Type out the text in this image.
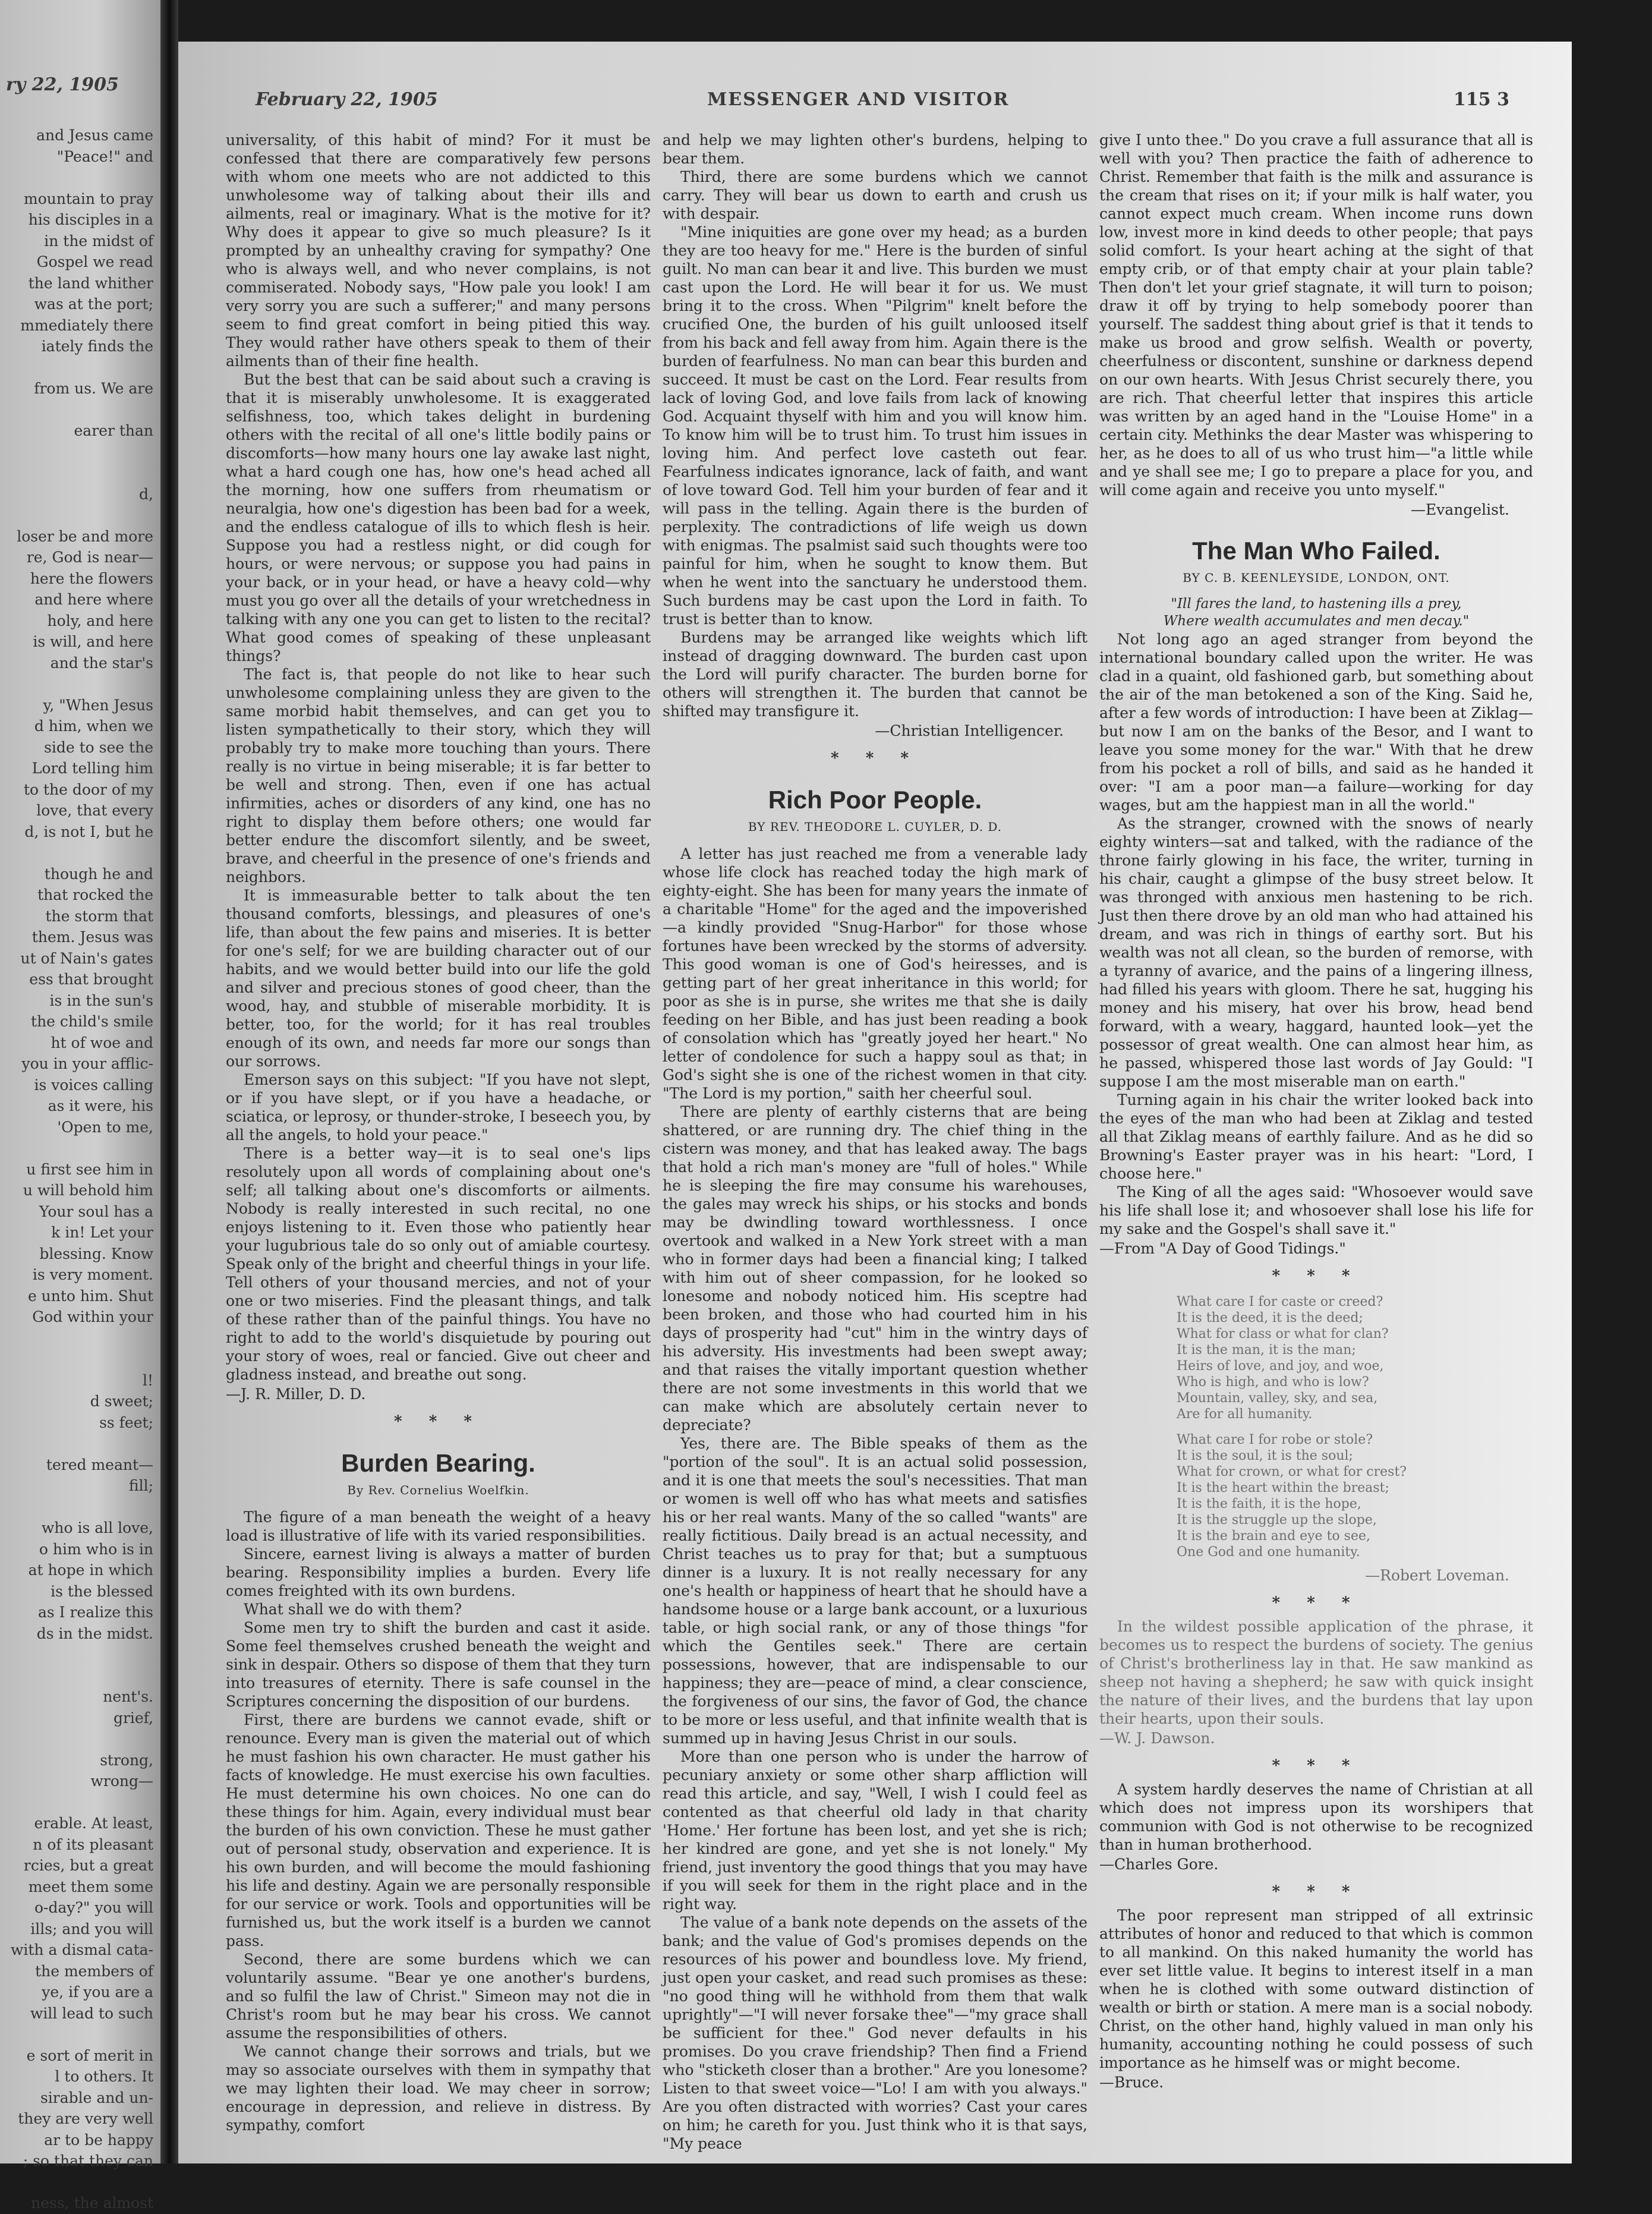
ry 22, 1905
and Jesus came
"Peace!" and

mountain to pray
his disciples in a
in the midst of
Gospel we read
the land whither
was at the port;
mmediately there
iately finds the

from us. We are

earer than

d,

loser be and more
re, God is near—
here the flowers
and here where
holy, and here
is will, and here
and the star's

y, "When Jesus
d him, when we
side to see the
Lord telling him
to the door of my
love, that every
d, is not I, but he

though he and
that rocked the
the storm that
them. Jesus was
ut of Nain's gates
ess that brought
is in the sun's
the child's smile
ht of woe and
you in your afflic-
is voices calling
as it were, his
'Open to me,

u first see him in
u will behold him
Your soul has a
k in! Let your
blessing. Know
is very moment.
e unto him. Shut
God within your

l!
d sweet;
ss feet;

tered meant—
fill;

who is all love,
o him who is in
at hope in which
is the blessed
as I realize this
ds in the midst.

nent's.
grief,

strong,
wrong—

erable. At least,
n of its pleasant
rcies, but a great
meet them some
o-day?" you will
ills; and you will
with a dismal cata-
the members of
ye, if you are a
will lead to such

e sort of merit in
l to others. It
sirable and un-
they are very well
ar to be happy
; so that they can

ness, the almost
February 22, 1905	MESSENGER AND VISITOR	115 3

universality, of this habit of mind? For it must be confessed that there are comparatively few persons with whom one meets who are not addicted to this unwholesome way of talking about their ills and ailments, real or imaginary. What is the motive for it? Why does it appear to give so much pleasure? Is it prompted by an unhealthy craving for sympathy? One who is always well, and who never complains, is not commiserated. Nobody says, "How pale you look! I am very sorry you are such a sufferer;" and many persons seem to find great comfort in being pitied this way. They would rather have others speak to them of their ailments than of their fine health.

But the best that can be said about such a craving is that it is miserably unwholesome. It is exaggerated selfishness, too, which takes delight in burdening others with the recital of all one's little bodily pains or discomforts—how many hours one lay awake last night, what a hard cough one has, how one's head ached all the morning, how one suffers from rheumatism or neuralgia, how one's digestion has been bad for a week, and the endless catalogue of ills to which flesh is heir. Suppose you had a restless night, or did cough for hours, or were nervous; or suppose you had pains in your back, or in your head, or have a heavy cold—why must you go over all the details of your wretchedness in talking with any one you can get to listen to the recital? What good comes of speaking of these unpleasant things?

The fact is, that people do not like to hear such unwholesome complaining unless they are given to the same morbid habit themselves, and can get you to listen sympathetically to their story, which they will probably try to make more touching than yours. There really is no virtue in being miserable; it is far better to be well and strong. Then, even if one has actual infirmities, aches or disorders of any kind, one has no right to display them before others; one would far better endure the discomfort silently, and be sweet, brave, and cheerful in the presence of one's friends and neighbors.

It is immeasurable better to talk about the ten thousand comforts, blessings, and pleasures of one's life, than about the few pains and miseries. It is better for one's self; for we are building character out of our habits, and we would better build into our life the gold and silver and precious stones of good cheer, than the wood, hay, and stubble of miserable morbidity. It is better, too, for the world; for it has real troubles enough of its own, and needs far more our songs than our sorrows.

Emerson says on this subject: "If you have not slept, or if you have slept, or if you have a headache, or sciatica, or leprosy, or thunder-stroke, I beseech you, by all the angels, to hold your peace."

There is a better way—it is to seal one's lips resolutely upon all words of complaining about one's self; all talking about one's discomforts or ailments. Nobody is really interested in such recital, no one enjoys listening to it. Even those who patiently hear your lugubrious tale do so only out of amiable courtesy. Speak only of the bright and cheerful things in your life. Tell others of your thousand mercies, and not of your one or two miseries. Find the pleasant things, and talk of these rather than of the painful things. You have no right to add to the world's disquietude by pouring out your story of woes, real or fancied. Give out cheer and gladness instead, and breathe out song.

—J. R. Miller, D. D.
* * *
Burden Bearing.
By Rev. Cornelius Woelfkin.

The figure of a man beneath the weight of a heavy load is illustrative of life with its varied responsibilities.

Sincere, earnest living is always a matter of burden bearing. Responsibility implies a burden. Every life comes freighted with its own burdens.

What shall we do with them?

Some men try to shift the burden and cast it aside. Some feel themselves crushed beneath the weight and sink in despair. Others so dispose of them that they turn into treasures of eternity. There is safe counsel in the Scriptures concerning the disposition of our burdens.

First, there are burdens we cannot evade, shift or renounce. Every man is given the material out of which he must fashion his own character. He must gather his facts of knowledge. He must exercise his own faculties. He must determine his own choices. No one can do these things for him. Again, every individual must bear the burden of his own conviction. These he must gather out of personal study, observation and experience. It is his own burden, and will become the mould fashioning his life and destiny. Again we are personally responsible for our service or work. Tools and opportunities will be furnished us, but the work itself is a burden we cannot pass.

Second, there are some burdens which we can voluntarily assume. "Bear ye one another's burdens, and so fulfil the law of Christ." Simeon may not die in Christ's room but he may bear his cross. We cannot assume the responsibilities of others.

We cannot change their sorrows and trials, but we may so associate ourselves with them in sympathy that we may lighten their load. We may cheer in sorrow; encourage in depression, and relieve in distress. By sympathy, comfort

and help we may lighten other's burdens, helping to bear them.

Third, there are some burdens which we cannot carry. They will bear us down to earth and crush us with despair.

"Mine iniquities are gone over my head; as a burden they are too heavy for me." Here is the burden of sinful guilt. No man can bear it and live. This burden we must cast upon the Lord. He will bear it for us. We must bring it to the cross. When "Pilgrim" knelt before the crucified One, the burden of his guilt unloosed itself from his back and fell away from him. Again there is the burden of fearfulness. No man can bear this burden and succeed. It must be cast on the Lord. Fear results from lack of loving God, and love fails from lack of knowing God. Acquaint thyself with him and you will know him. To know him will be to trust him. To trust him issues in loving him. And perfect love casteth out fear. Fearfulness indicates ignorance, lack of faith, and want of love toward God. Tell him your burden of fear and it will pass in the telling. Again there is the burden of perplexity. The contradictions of life weigh us down with enigmas. The psalmist said such thoughts were too painful for him, when he sought to know them. But when he went into the sanctuary he understood them. Such burdens may be cast upon the Lord in faith. To trust is better than to know.

Burdens may be arranged like weights which lift instead of dragging downward. The burden cast upon the Lord will purify character. The burden borne for others will strengthen it. The burden that cannot be shifted may transfigure it.

—Christian Intelligencer.
* * *
Rich Poor People.
BY REV. THEODORE L. CUYLER, D. D.

A letter has just reached me from a venerable lady whose life clock has reached today the high mark of eighty-eight. She has been for many years the inmate of a charitable "Home" for the aged and the impoverished—a kindly provided "Snug-Harbor" for those whose fortunes have been wrecked by the storms of adversity. This good woman is one of God's heiresses, and is getting part of her great inheritance in this world; for poor as she is in purse, she writes me that she is daily feeding on her Bible, and has just been reading a book of consolation which has "greatly joyed her heart." No letter of condolence for such a happy soul as that; in God's sight she is one of the richest women in that city. "The Lord is my portion," saith her cheerful soul.

There are plenty of earthly cisterns that are being shattered, or are running dry. The chief thing in the cistern was money, and that has leaked away. The bags that hold a rich man's money are "full of holes." While he is sleeping the fire may consume his warehouses, the gales may wreck his ships, or his stocks and bonds may be dwindling toward worthlessness. I once overtook and walked in a New York street with a man who in former days had been a financial king; I talked with him out of sheer compassion, for he looked so lonesome and nobody noticed him. His sceptre had been broken, and those who had courted him in his days of prosperity had "cut" him in the wintry days of his adversity. His investments had been swept away; and that raises the vitally important question whether there are not some investments in this world that we can make which are absolutely certain never to depreciate?

Yes, there are. The Bible speaks of them as the "portion of the soul". It is an actual solid possession, and it is one that meets the soul's necessities. That man or women is well off who has what meets and satisfies his or her real wants. Many of the so called "wants" are really fictitious. Daily bread is an actual necessity, and Christ teaches us to pray for that; but a sumptuous dinner is a luxury. It is not really necessary for any one's health or happiness of heart that he should have a handsome house or a large bank account, or a luxurious table, or high social rank, or any of those things "for which the Gentiles seek." There are certain possessions, however, that are indispensable to our happiness; they are—peace of mind, a clear conscience, the forgiveness of our sins, the favor of God, the chance to be more or less useful, and that infinite wealth that is summed up in having Jesus Christ in our souls.

More than one person who is under the harrow of pecuniary anxiety or some other sharp affliction will read this article, and say, "Well, I wish I could feel as contented as that cheerful old lady in that charity 'Home.' Her fortune has been lost, and yet she is rich; her kindred are gone, and yet she is not lonely." My friend, just inventory the good things that you may have if you will seek for them in the right place and in the right way.

The value of a bank note depends on the assets of the bank; and the value of God's promises depends on the resources of his power and boundless love. My friend, just open your casket, and read such promises as these: "no good thing will he withhold from them that walk uprightly"—"I will never forsake thee"—"my grace shall be sufficient for thee." God never defaults in his promises. Do you crave friendship? Then find a Friend who "sticketh closer than a brother." Are you lonesome? Listen to that sweet voice—"Lo! I am with you always." Are you often distracted with worries? Cast your cares on him; he careth for you. Just think who it is that says, "My peace

give I unto thee." Do you crave a full assurance that all is well with you? Then practice the faith of adherence to Christ. Remember that faith is the milk and assurance is the cream that rises on it; if your milk is half water, you cannot expect much cream. When income runs down low, invest more in kind deeds to other people; that pays solid comfort. Is your heart aching at the sight of that empty crib, or of that empty chair at your plain table? Then don't let your grief stagnate, it will turn to poison; draw it off by trying to help somebody poorer than yourself. The saddest thing about grief is that it tends to make us brood and grow selfish. Wealth or poverty, cheerfulness or discontent, sunshine or darkness depend on our own hearts. With Jesus Christ securely there, you are rich. That cheerful letter that inspires this article was written by an aged hand in the "Louise Home" in a certain city. Methinks the dear Master was whispering to her, as he does to all of us who trust him—"a little while and ye shall see me; I go to prepare a place for you, and will come again and receive you unto myself."

—Evangelist.
The Man Who Failed.
BY C. B. KEENLEYSIDE, LONDON, ONT.
"Ill fares the land, to hastening ills a prey,
Where wealth accumulates and men decay."

Not long ago an aged stranger from beyond the international boundary called upon the writer. He was clad in a quaint, old fashioned garb, but something about the air of the man betokened a son of the King. Said he, after a few words of introduction: I have been at Ziklag—but now I am on the banks of the Besor, and I want to leave you some money for the war." With that he drew from his pocket a roll of bills, and said as he handed it over: "I am a poor man—a failure—working for day wages, but am the happiest man in all the world."

As the stranger, crowned with the snows of nearly eighty winters—sat and talked, with the radiance of the throne fairly glowing in his face, the writer, turning in his chair, caught a glimpse of the busy street below. It was thronged with anxious men hastening to be rich. Just then there drove by an old man who had attained his dream, and was rich in things of earthy sort. But his wealth was not all clean, so the burden of remorse, with a tyranny of avarice, and the pains of a lingering illness, had filled his years with gloom. There he sat, hugging his money and his misery, hat over his brow, head bend forward, with a weary, haggard, haunted look—yet the possessor of great wealth. One can almost hear him, as he passed, whispered those last words of Jay Gould: "I suppose I am the most miserable man on earth."

Turning again in his chair the writer looked back into the eyes of the man who had been at Ziklag and tested all that Ziklag means of earthly failure. And as he did so Browning's Easter prayer was in his heart: "Lord, I choose here."

The King of all the ages said: "Whosoever would save his life shall lose it; and whosoever shall lose his life for my sake and the Gospel's shall save it."

—From "A Day of Good Tidings."
* * *
What care I for caste or creed?
It is the deed, it is the deed;
What for class or what for clan?
It is the man, it is the man;
Heirs of love, and joy, and woe,
Who is high, and who is low?
Mountain, valley, sky, and sea,
Are for all humanity.
What care I for robe or stole?
It is the soul, it is the soul;
What for crown, or what for crest?
It is the heart within the breast;
It is the faith, it is the hope,
It is the struggle up the slope,
It is the brain and eye to see,
One God and one humanity.
—Robert Loveman.
* * *

In the wildest possible application of the phrase, it becomes us to respect the burdens of society. The genius of Christ's brotherliness lay in that. He saw mankind as sheep not having a shepherd; he saw with quick insight the nature of their lives, and the burdens that lay upon their hearts, upon their souls.

—W. J. Dawson.
* * *

A system hardly deserves the name of Christian at all which does not impress upon its worshipers that communion with God is not otherwise to be recognized than in human brotherhood.

—Charles Gore.
* * *

The poor represent man stripped of all extrinsic attributes of honor and reduced to that which is common to all mankind. On this naked humanity the world has ever set little value. It begins to interest itself in a man when he is clothed with some outward distinction of wealth or birth or station. A mere man is a social nobody. Christ, on the other hand, highly valued in man only his humanity, accounting nothing he could possess of such importance as he himself was or might become.

—Bruce.
